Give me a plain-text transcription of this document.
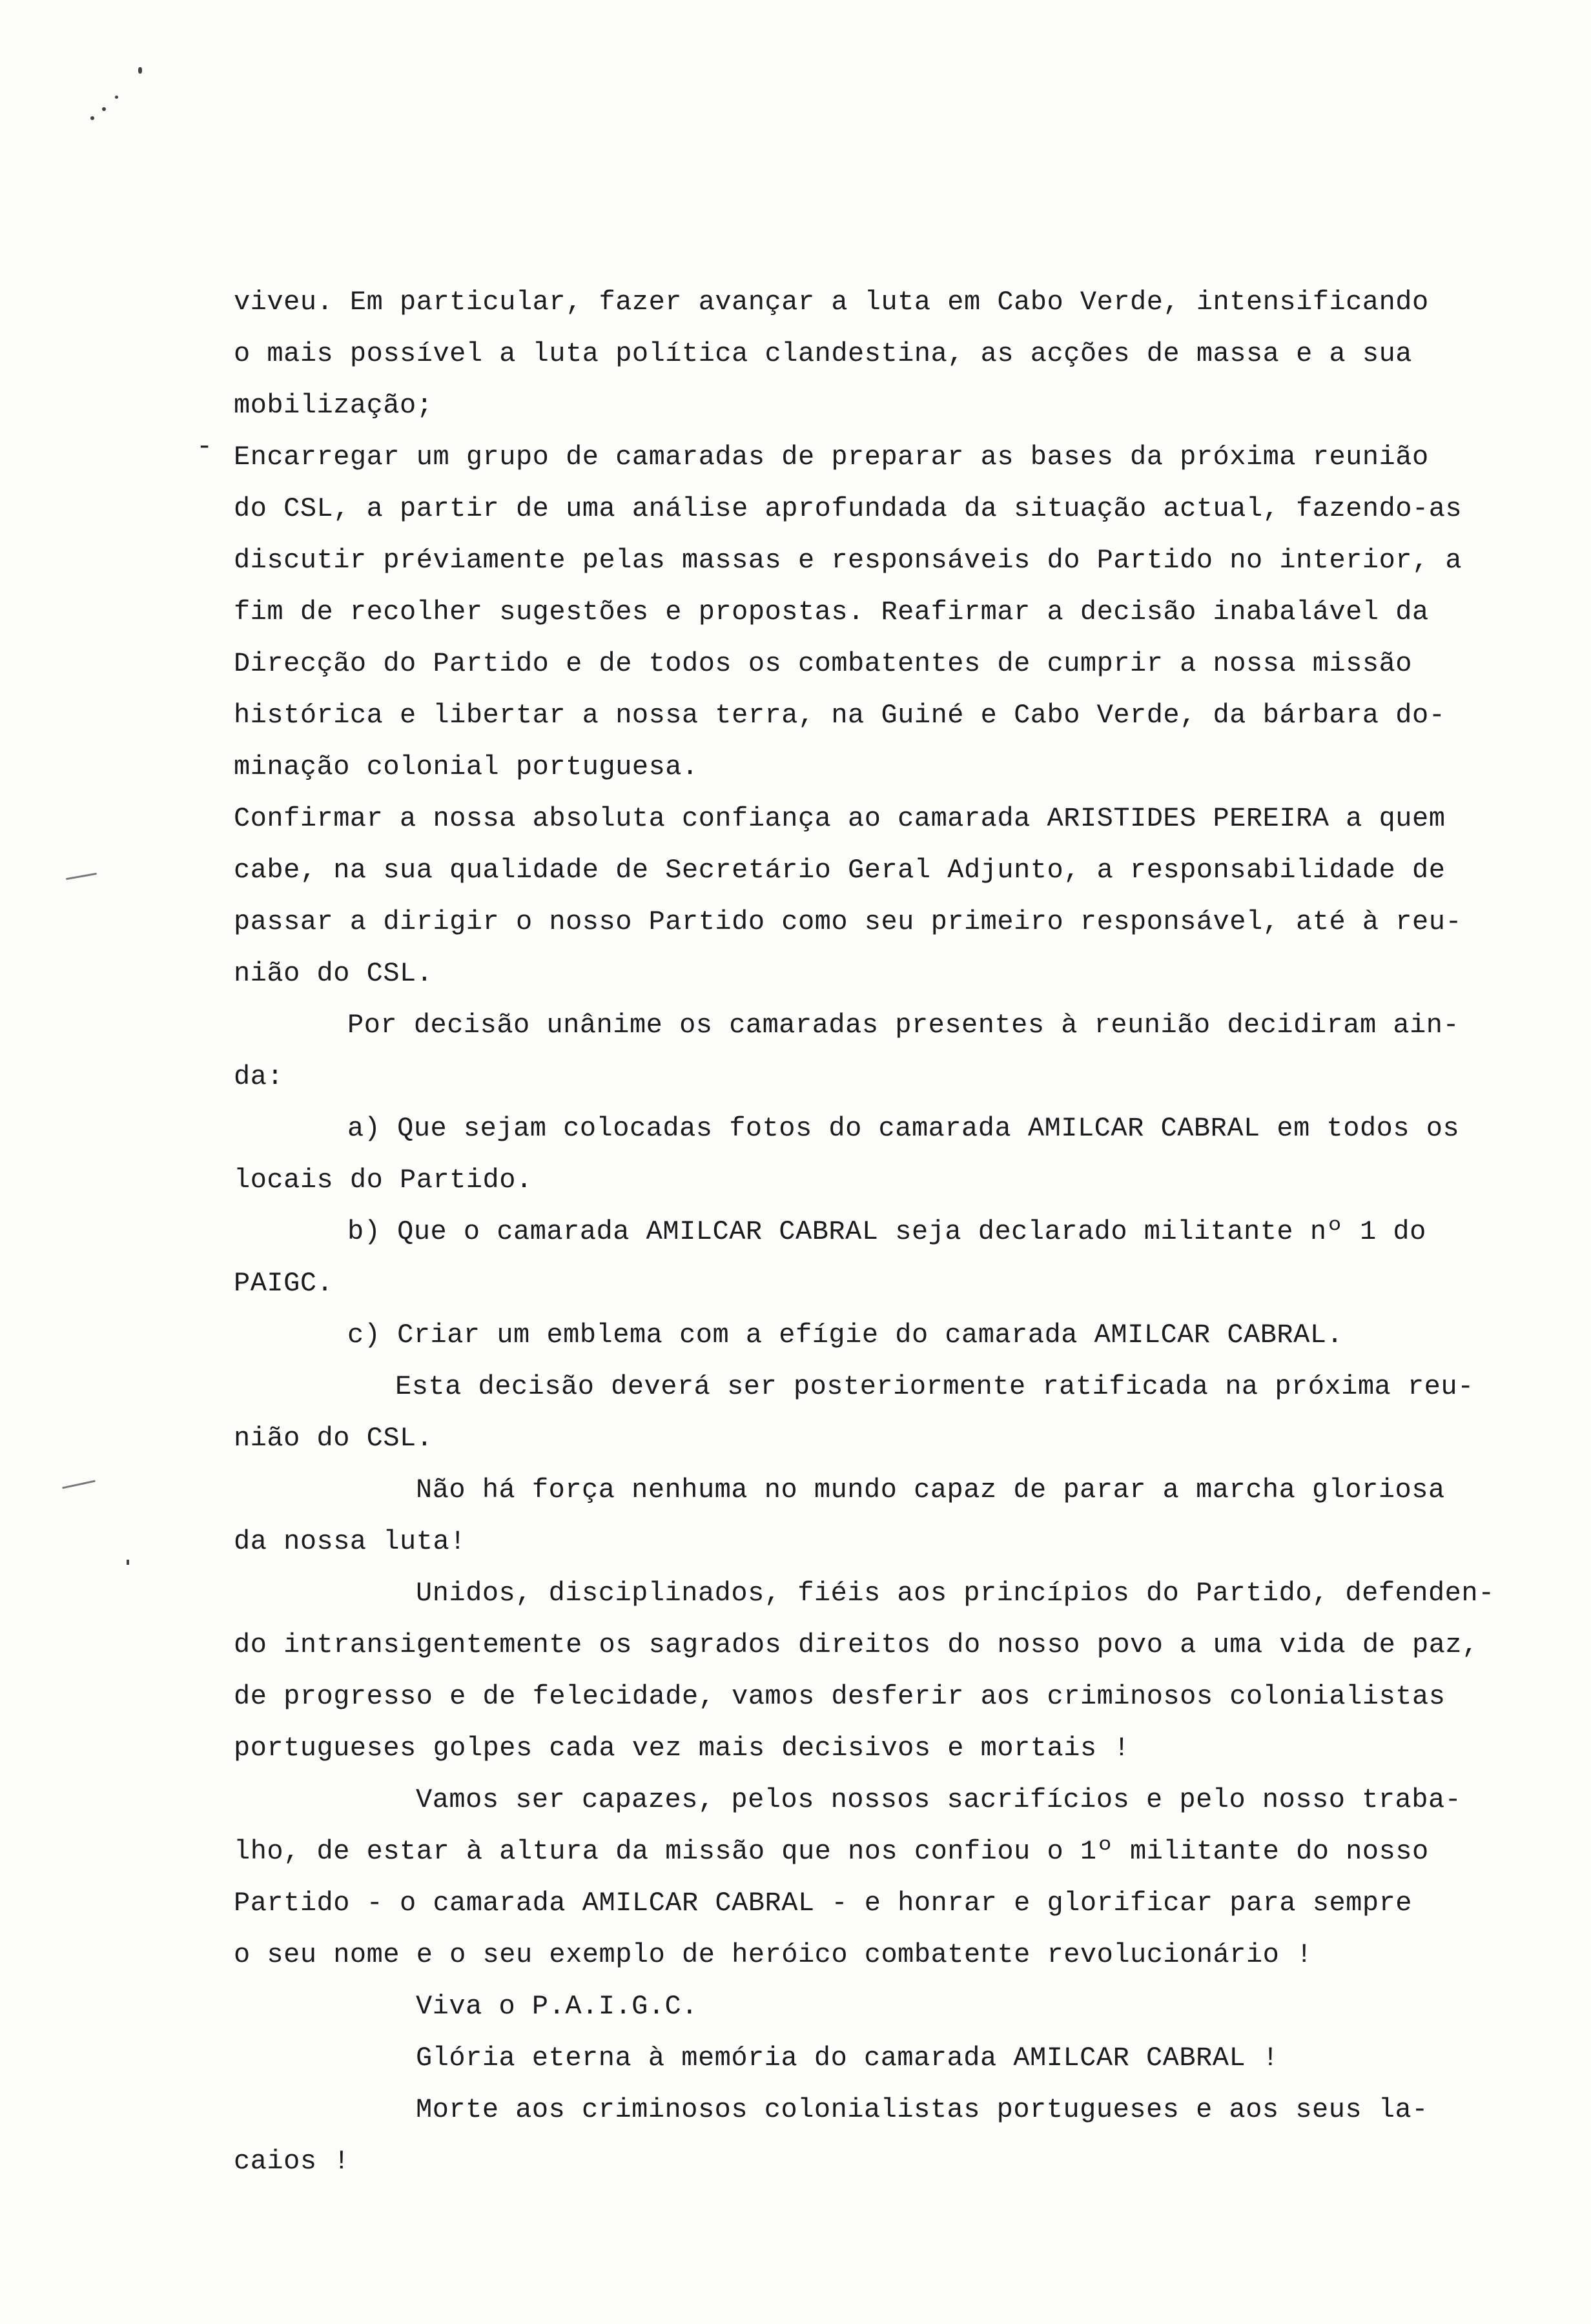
-
viveu. Em particular, fazer avançar a luta em Cabo Verde, intensificando
o mais possível a luta política clandestina, as acções de massa e a sua
mobilização;
Encarregar um grupo de camaradas de preparar as bases da próxima reunião
do CSL, a partir de uma análise aprofundada da situação actual, fazendo-as
discutir préviamente pelas massas e responsáveis do Partido no interior, a
fim de recolher sugestões e propostas. Reafirmar a decisão inabalável da
Direcção do Partido e de todos os combatentes de cumprir a nossa missão
histórica e libertar a nossa terra, na Guiné e Cabo Verde, da bárbara do-
minação colonial portuguesa.
Confirmar a nossa absoluta confiança ao camarada ARISTIDES PEREIRA a quem
cabe, na sua qualidade de Secretário Geral Adjunto, a responsabilidade de
passar a dirigir o nosso Partido como seu primeiro responsável, até à reu-
nião do CSL.
Por decisão unânime os camaradas presentes à reunião decidiram ain-
da:
a) Que sejam colocadas fotos do camarada AMILCAR CABRAL em todos os
locais do Partido.
b) Que o camarada AMILCAR CABRAL seja declarado militante nº 1 do
PAIGC.
c) Criar um emblema com a efígie do camarada AMILCAR CABRAL.
Esta decisão deverá ser posteriormente ratificada na próxima reu-
nião do CSL.
Não há força nenhuma no mundo capaz de parar a marcha gloriosa
da nossa luta!
Unidos, disciplinados, fiéis aos princípios do Partido, defenden-
do intransigentemente os sagrados direitos do nosso povo a uma vida de paz,
de progresso e de felecidade, vamos desferir aos criminosos colonialistas
portugueses golpes cada vez mais decisivos e mortais !
Vamos ser capazes, pelos nossos sacrifícios e pelo nosso traba-
lho, de estar à altura da missão que nos confiou o 1º militante do nosso
Partido - o camarada AMILCAR CABRAL - e honrar e glorificar para sempre
o seu nome e o seu exemplo de heróico combatente revolucionário !
Viva o P.A.I.G.C.
Glória eterna à memória do camarada AMILCAR CABRAL !
Morte aos criminosos colonialistas portugueses e aos seus la-
caios !
